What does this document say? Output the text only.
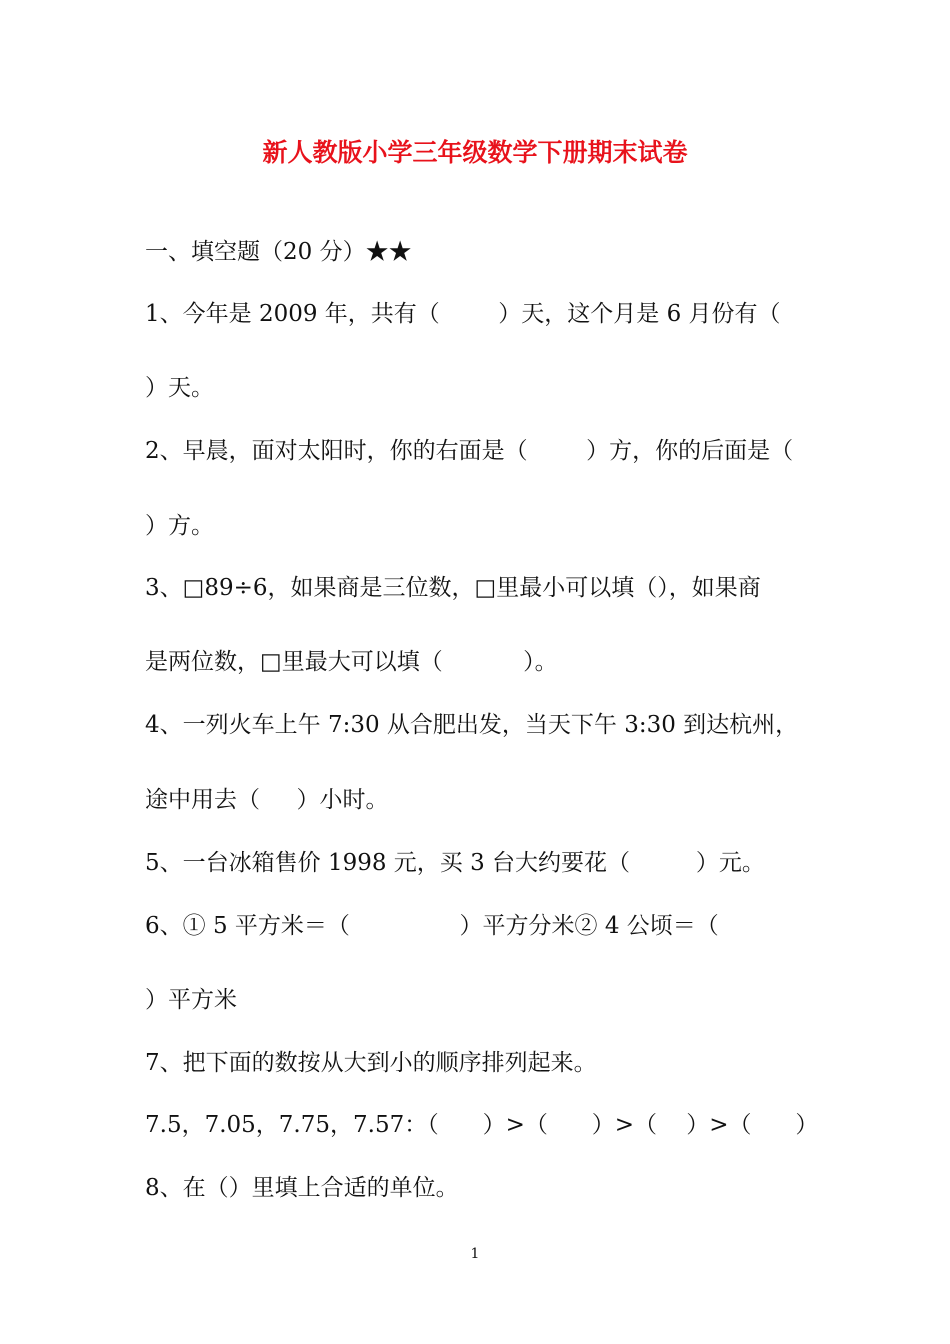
新人教版小学三年级数学下册期末试卷
一、填空题（20 分）★★
1、今年是 2009 年，共有（        ）天，这个月是 6 月份有（
）天。
2、早晨，面对太阳时，你的右面是（        ）方，你的后面是（
）方。
3、□89÷6，如果商是三位数，□里最小可以填（），如果商
是两位数，□里最大可以填（           ）。
4、一列火车上午 7:30 从合肥出发，当天下午 3:30 到达杭州，
途中用去（     ）小时。
5、一台冰箱售价 1998 元，买 3 台大约要花（         ）元。
6、① 5 平方米＝（               ）平方分米② 4 公顷＝（
）平方米
7、把下面的数按从大到小的顺序排列起来。
7.5，7.05，7.75，7.57：（      ）>（      ）>（    ）>（      ）
8、在（）里填上合适的单位。
1
